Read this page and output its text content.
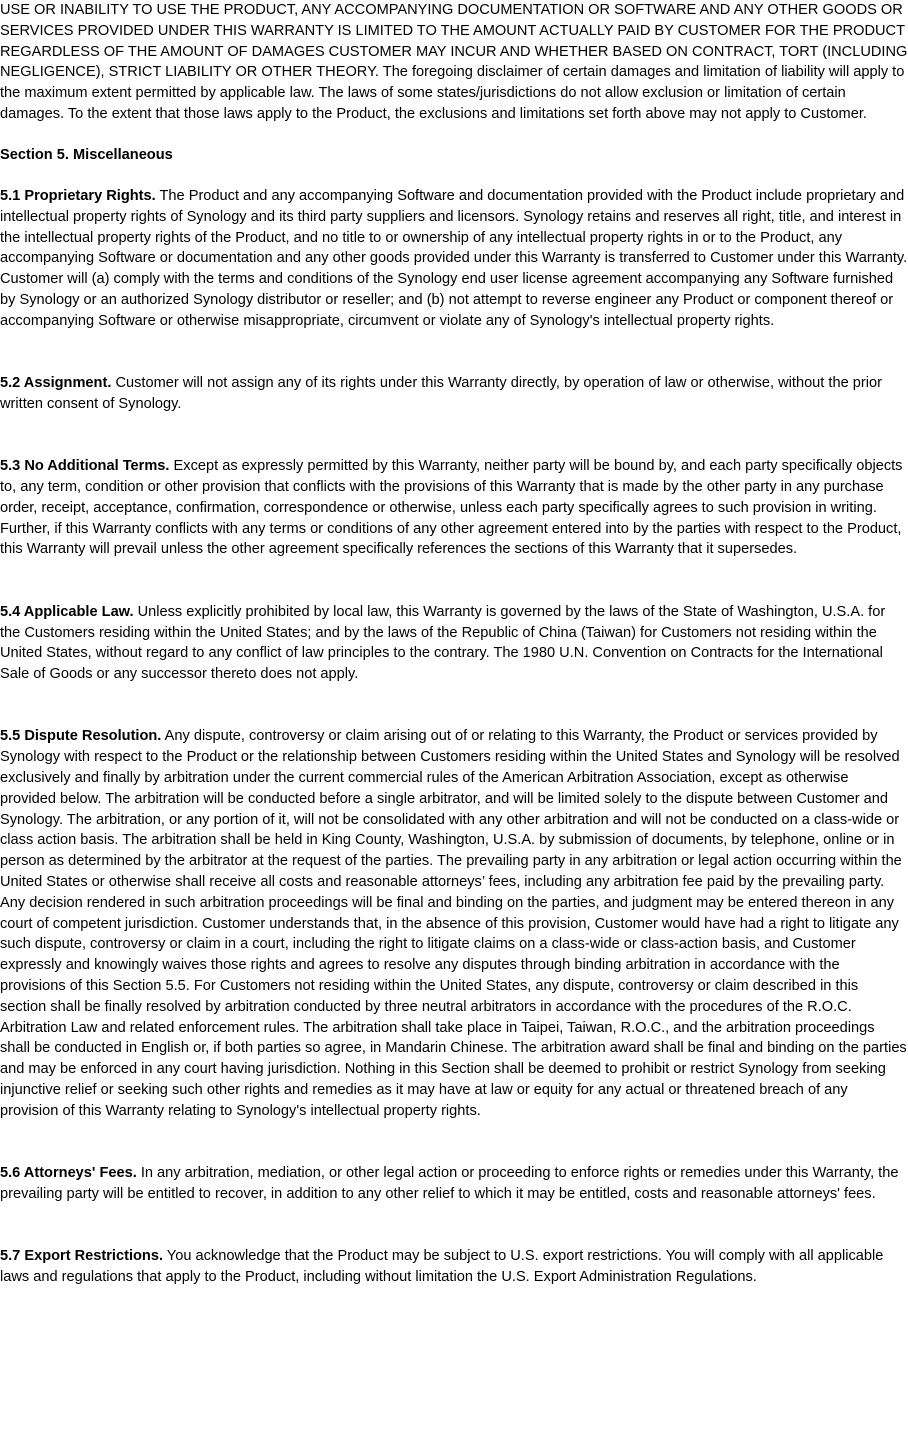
USE OR INABILITY TO USE THE PRODUCT, ANY ACCOMPANYING DOCUMENTATION OR SOFTWARE AND ANY OTHER GOODS OR SERVICES PROVIDED UNDER THIS WARRANTY IS LIMITED TO THE AMOUNT ACTUALLY PAID BY CUSTOMER FOR THE PRODUCT REGARDLESS OF THE AMOUNT OF DAMAGES CUSTOMER MAY INCUR AND WHETHER BASED ON CONTRACT, TORT (INCLUDING NEGLIGENCE), STRICT LIABILITY OR OTHER THEORY. The foregoing disclaimer of certain damages and limitation of liability will apply to the maximum extent permitted by applicable law. The laws of some states/jurisdictions do not allow exclusion or limitation of certain damages. To the extent that those laws apply to the Product, the exclusions and limitations set forth above may not apply to Customer.

Section 5. Miscellaneous

5.1 Proprietary Rights. The Product and any accompanying Software and documentation provided with the Product include proprietary and intellectual property rights of Synology and its third party suppliers and licensors. Synology retains and reserves all right, title, and interest in the intellectual property rights of the Product, and no title to or ownership of any intellectual property rights in or to the Product, any accompanying Software or documentation and any other goods provided under this Warranty is transferred to Customer under this Warranty. Customer will (a) comply with the terms and conditions of the Synology end user license agreement accompanying any Software furnished by Synology or an authorized Synology distributor or reseller; and (b) not attempt to reverse engineer any Product or component thereof or accompanying Software or otherwise misappropriate, circumvent or violate any of Synology's intellectual property rights.

5.2 Assignment. Customer will not assign any of its rights under this Warranty directly, by operation of law or otherwise, without the prior written consent of Synology.

5.3 No Additional Terms. Except as expressly permitted by this Warranty, neither party will be bound by, and each party specifically objects to, any term, condition or other provision that conflicts with the provisions of this Warranty that is made by the other party in any purchase order, receipt, acceptance, confirmation, correspondence or otherwise, unless each party specifically agrees to such provision in writing. Further, if this Warranty conflicts with any terms or conditions of any other agreement entered into by the parties with respect to the Product, this Warranty will prevail unless the other agreement specifically references the sections of this Warranty that it supersedes.

5.4 Applicable Law. Unless explicitly prohibited by local law, this Warranty is governed by the laws of the State of Washington, U.S.A. for the Customers residing within the United States; and by the laws of the Republic of China (Taiwan) for Customers not residing within the United States, without regard to any conflict of law principles to the contrary. The 1980 U.N. Convention on Contracts for the International Sale of Goods or any successor thereto does not apply.

5.5 Dispute Resolution. Any dispute, controversy or claim arising out of or relating to this Warranty, the Product or services provided by Synology with respect to the Product or the relationship between Customers residing within the United States and Synology will be resolved exclusively and finally by arbitration under the current commercial rules of the American Arbitration Association, except as otherwise provided below. The arbitration will be conducted before a single arbitrator, and will be limited solely to the dispute between Customer and Synology. The arbitration, or any portion of it, will not be consolidated with any other arbitration and will not be conducted on a class-wide or class action basis. The arbitration shall be held in King County, Washington, U.S.A. by submission of documents, by telephone, online or in person as determined by the arbitrator at the request of the parties. The prevailing party in any arbitration or legal action occurring within the United States or otherwise shall receive all costs and reasonable attorneys’ fees, including any arbitration fee paid by the prevailing party. Any decision rendered in such arbitration proceedings will be final and binding on the parties, and judgment may be entered thereon in any court of competent jurisdiction. Customer understands that, in the absence of this provision, Customer would have had a right to litigate any such dispute, controversy or claim in a court, including the right to litigate claims on a class-wide or class-action basis, and Customer expressly and knowingly waives those rights and agrees to resolve any disputes through binding arbitration in accordance with the provisions of this Section 5.5. For Customers not residing within the United States, any dispute, controversy or claim described in this section shall be finally resolved by arbitration conducted by three neutral arbitrators in accordance with the procedures of the R.O.C. Arbitration Law and related enforcement rules. The arbitration shall take place in Taipei, Taiwan, R.O.C., and the arbitration proceedings shall be conducted in English or, if both parties so agree, in Mandarin Chinese. The arbitration award shall be final and binding on the parties and may be enforced in any court having jurisdiction. Nothing in this Section shall be deemed to prohibit or restrict Synology from seeking injunctive relief or seeking such other rights and remedies as it may have at law or equity for any actual or threatened breach of any provision of this Warranty relating to Synology's intellectual property rights.

5.6 Attorneys' Fees. In any arbitration, mediation, or other legal action or proceeding to enforce rights or remedies under this Warranty, the prevailing party will be entitled to recover, in addition to any other relief to which it may be entitled, costs and reasonable attorneys' fees.

5.7 Export Restrictions. You acknowledge that the Product may be subject to U.S. export restrictions. You will comply with all applicable laws and regulations that apply to the Product, including without limitation the U.S. Export Administration Regulations.
